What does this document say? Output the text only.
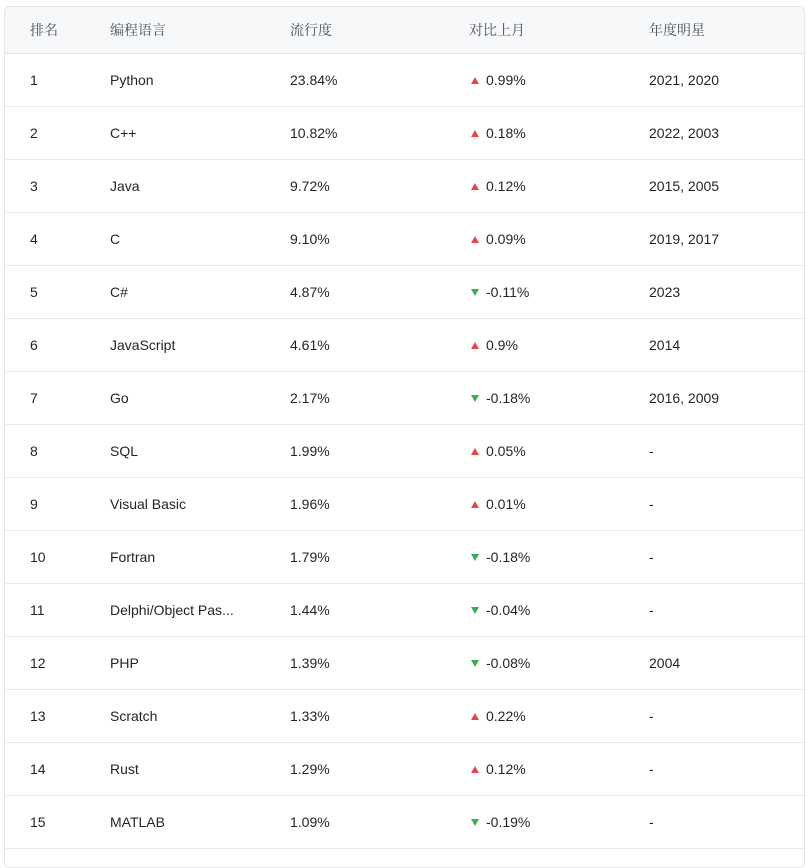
排名	编程语言	流行度	对比上月	年度明星
1	Python	23.84%	0.99%	2021, 2020
2	C++	10.82%	0.18%	2022, 2003
3	Java	9.72%	0.12%	2015, 2005
4	C	9.10%	0.09%	2019, 2017
5	C#	4.87%	-0.11%	2023
6	JavaScript	4.61%	0.9%	2014
7	Go	2.17%	-0.18%	2016, 2009
8	SQL	1.99%	0.05%	-
9	Visual Basic	1.96%	0.01%	-
10	Fortran	1.79%	-0.18%	-
11	Delphi/Object Pas...	1.44%	-0.04%	-
12	PHP	1.39%	-0.08%	2004
13	Scratch	1.33%	0.22%	-
14	Rust	1.29%	0.12%	-
15	MATLAB	1.09%	-0.19%	-
